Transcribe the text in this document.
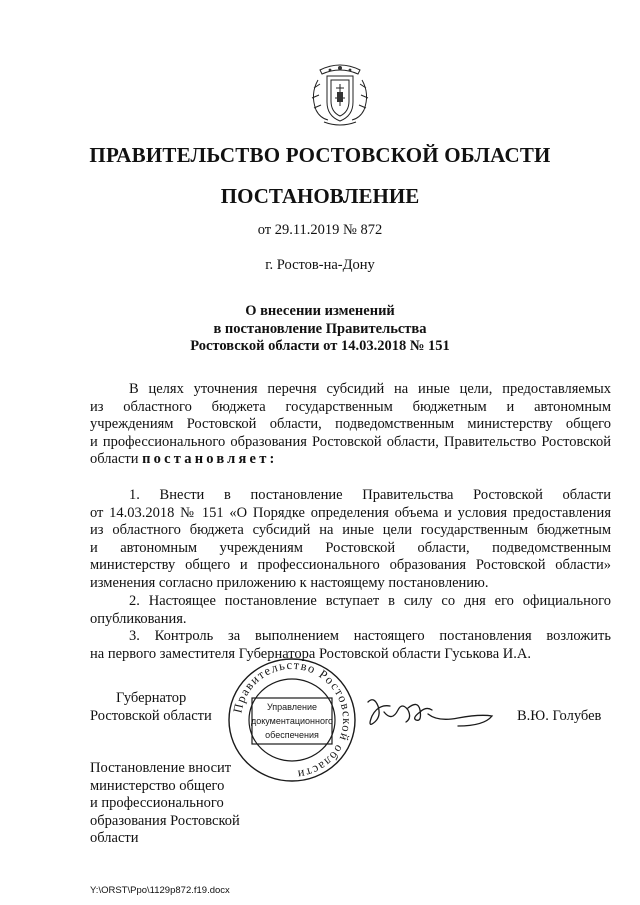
ПРАВИТЕЛЬСТВО РОСТОВСКОЙ ОБЛАСТИ
ПОСТАНОВЛЕНИЕ
от 29.11.2019 № 872
г. Ростов-на-Дону
О внесении изменений
в постановление Правительства
Ростовской области от 14.03.2018 № 151
В целях уточнения перечня субсидий на иные цели, предоставляемых
из областного бюджета государственным бюджетным и автономным
учреждениям Ростовской области, подведомственным министерству общего
и профессионального образования Ростовской области, Правительство Ростовской
области постановляет:
1. Внести в постановление Правительства Ростовской области
от 14.03.2018 № 151 «О Порядке определения объема и условия предоставления
из областного бюджета субсидий на иные цели государственным бюджетным
и автономным учреждениям Ростовской области, подведомственным
министерству общего и профессионального образования Ростовской области»
изменения согласно приложению к настоящему постановлению.
2. Настоящее постановление вступает в силу со дня его официального
опубликования.
3. Контроль за выполнением настоящего постановления возложить
на первого заместителя Губернатора Ростовской области Гуськова И.А.
Губернатор
Ростовской области
Правительство Ростовской области
Управление
документационного
обеспечения
В.Ю. Голубев
Постановление вносит
министерство общего
и профессионального
образования Ростовской
области
Y:\ORST\Ppo\1129p872.f19.docx
